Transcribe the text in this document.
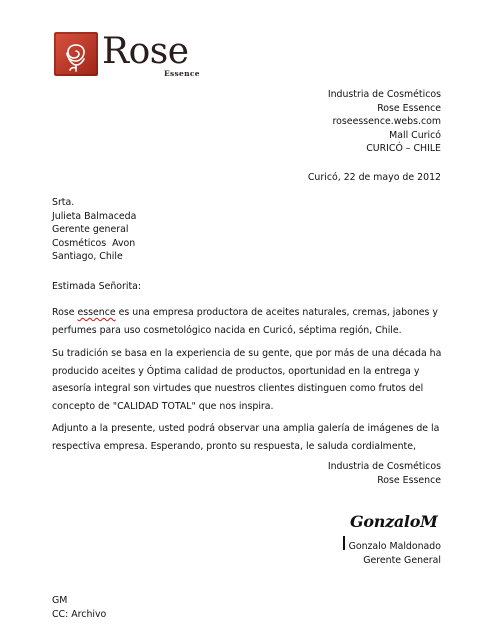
Rose
Essence
Industria de Cosméticos
Rose Essence
roseessence.webs.com
Mall Curicó
CURICÓ – CHILE
Curicó, 22 de mayo de 2012
Srta.
Julieta Balmaceda
Gerente general
Cosméticos  Avon
Santiago, Chile
Estimada Señorita:
Rose essence es una empresa productora de aceites naturales, cremas, jabones y perfumes para uso cosmetológico nacida en Curicó, séptima región, Chile.
Su tradición se basa en la experiencia de su gente, que por más de una década ha producido aceites y Óptima calidad de productos, oportunidad en la entrega y asesoría integral son virtudes que nuestros clientes distinguen como frutos del concepto de "CALIDAD TOTAL" que nos inspira.
Adjunto a la presente, usted podrá observar una amplia galería de imágenes de la respectiva empresa. Esperando, pronto su respuesta, le saluda cordialmente,
Industria de Cosméticos
Rose Essence
GonzaloM
Gonzalo Maldonado
Gerente General
GM
CC: Archivo
